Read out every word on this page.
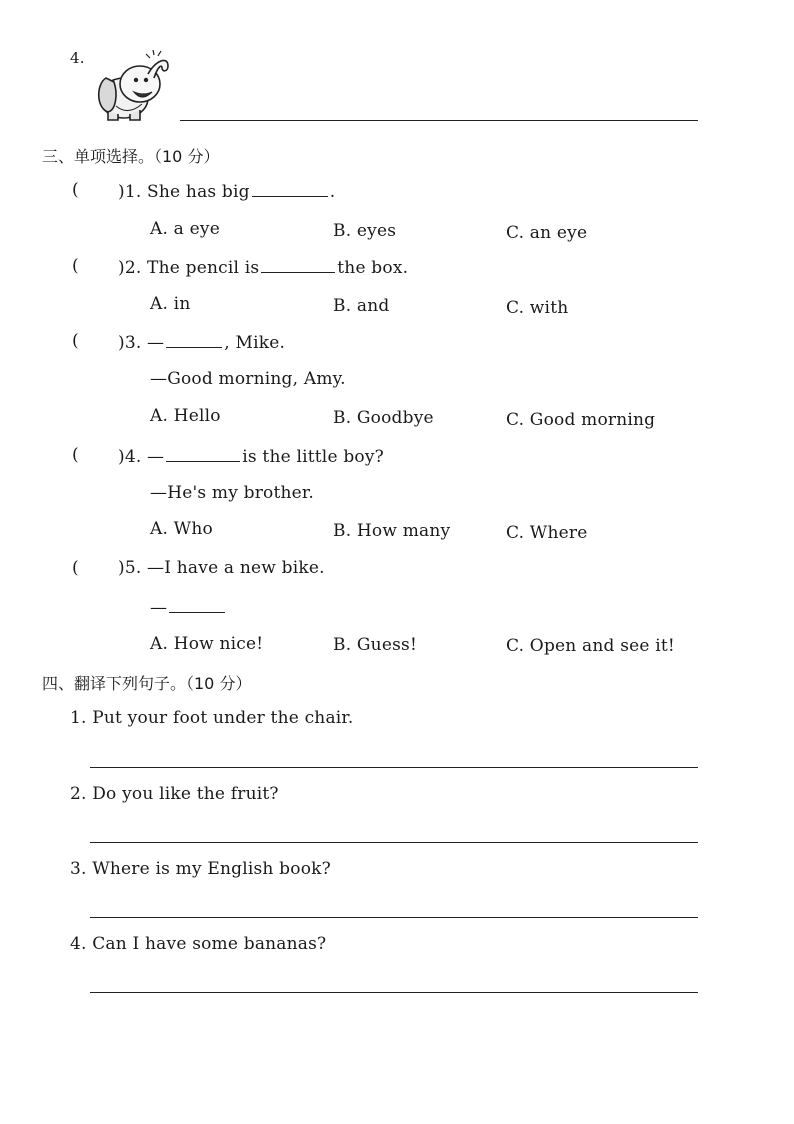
4.
三、单项选择。（10 分）
( )1. She has big	.
A. a eye	B. eyes	C. an eye
( )2. The pencil is	the box.
A. in	B. and	C. with
( )3. —	, Mike.
—Good morning, Amy.
A. Hello	B. Goodbye	C. Good morning
( )4. —	is the little boy?
—He's my brother.
A. Who	B. How many	C. Where
( )5. —I have a new bike.
—
A. How nice!	B. Guess!	C. Open and see it!
四、翻译下列句子。（10 分）
1. Put your foot under the chair.
2. Do you like the fruit?
3. Where is my English book?
4. Can I have some bananas?
